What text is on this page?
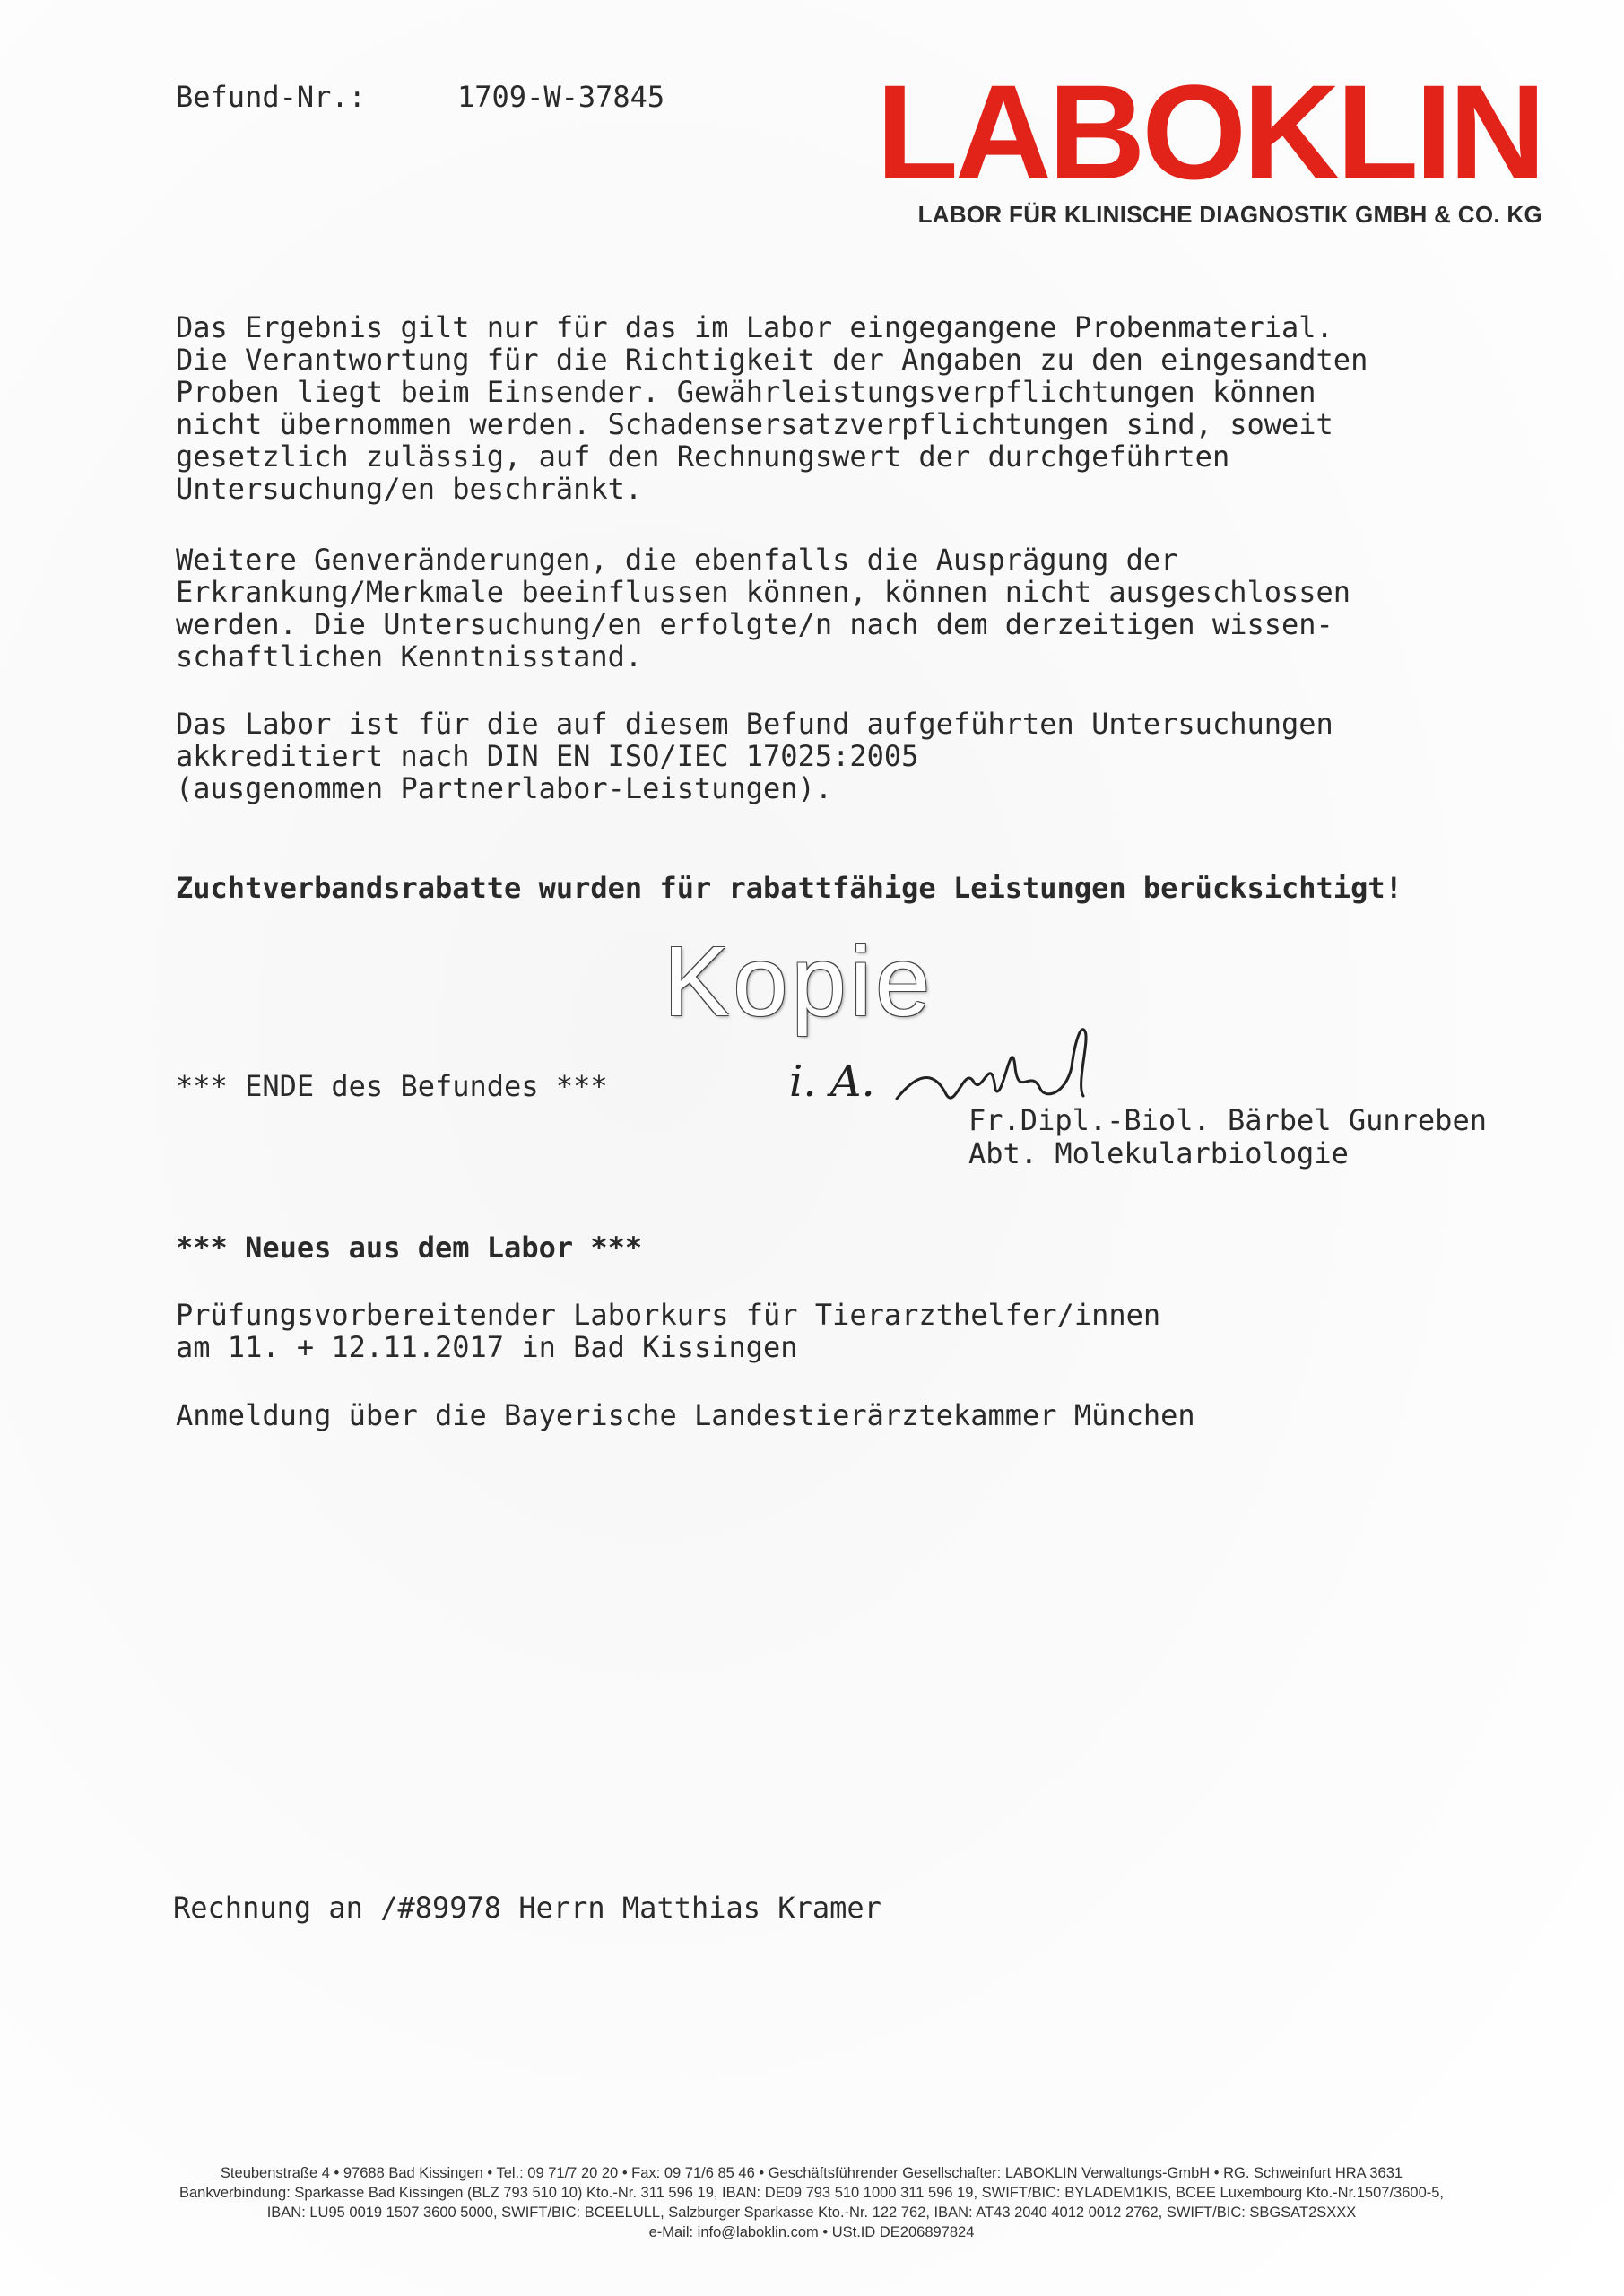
Befund-Nr.:	1709-W-37845	LABOKLIN
LABOR FÜR KLINISCHE DIAGNOSTIK GMBH & CO. KG
Das Ergebnis gilt nur für das im Labor eingegangene Probenmaterial.
Die Verantwortung für die Richtigkeit der Angaben zu den eingesandten
Proben liegt beim Einsender. Gewährleistungsverpflichtungen können
nicht übernommen werden. Schadensersatzverpflichtungen sind, soweit
gesetzlich zulässig, auf den Rechnungswert der durchgeführten
Untersuchung/en beschränkt.
Weitere Genveränderungen, die ebenfalls die Ausprägung der
Erkrankung/Merkmale beeinflussen können, können nicht ausgeschlossen
werden. Die Untersuchung/en erfolgte/n nach dem derzeitigen wissen-
schaftlichen Kenntnisstand.
Das Labor ist für die auf diesem Befund aufgeführten Untersuchungen
akkreditiert nach DIN EN ISO/IEC 17025:2005
(ausgenommen Partnerlabor-Leistungen).
Zuchtverbandsrabatte wurden für rabattfähige Leistungen berücksichtigt!
Kopie
*** ENDE des Befundes ***	i. A.
Fr.Dipl.-Biol. Bärbel Gunreben
Abt. Molekularbiologie
*** Neues aus dem Labor ***
Prüfungsvorbereitender Laborkurs für Tierarzthelfer/innen
am 11. + 12.11.2017 in Bad Kissingen
Anmeldung über die Bayerische Landestierärztekammer München
Rechnung an /#89978 Herrn Matthias Kramer
Steubenstraße 4 • 97688 Bad Kissingen • Tel.: 09 71/7 20 20 • Fax: 09 71/6 85 46 • Geschäftsführender Gesellschafter: LABOKLIN Verwaltungs-GmbH • RG. Schweinfurt HRA 3631
Bankverbindung: Sparkasse Bad Kissingen (BLZ 793 510 10) Kto.-Nr. 311 596 19, IBAN: DE09 793 510 1000 311 596 19, SWIFT/BIC: BYLADEM1KIS, BCEE Luxembourg Kto.-Nr.1507/3600-5,
IBAN: LU95 0019 1507 3600 5000, SWIFT/BIC: BCEELULL, Salzburger Sparkasse Kto.-Nr. 122 762, IBAN: AT43 2040 4012 0012 2762, SWIFT/BIC: SBGSAT2SXXX
e-Mail: info@laboklin.com • USt.ID DE206897824
